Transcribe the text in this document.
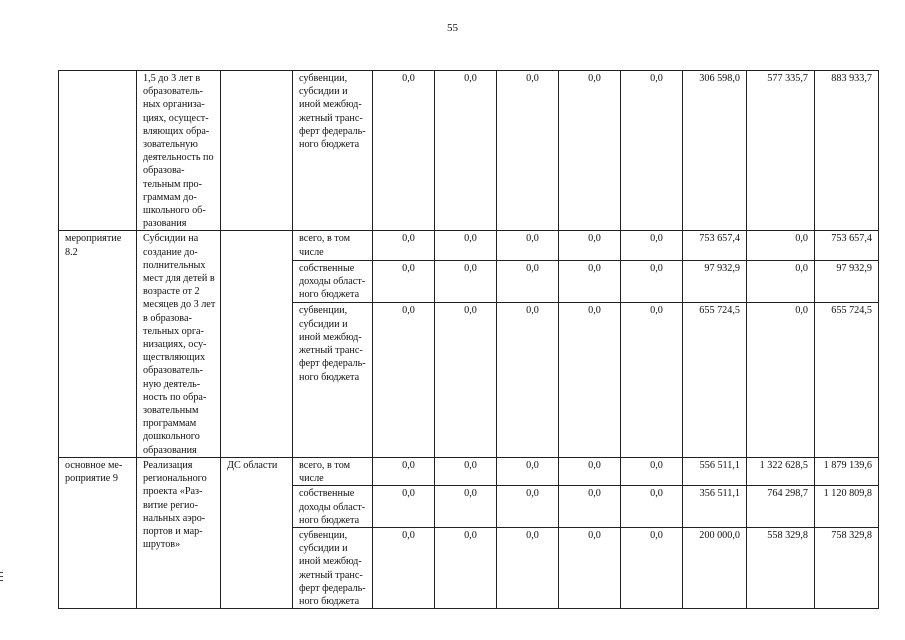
55
	1,5 до 3 лет в образователь-ных организа-циях, осущест-вляющих обра-зовательную деятельность по образова-тельным про-граммам до-школьного об-разования		субвенции, субсидии и иной межбюд-жетный транс-ферт федераль-ного бюджета	0,0	0,0	0,0	0,0	0,0	306 598,0	577 335,7	883 933,7
мероприятие 8.2	Субсидии на создание до-полнительных мест для детей в возрасте от 2 месяцев до 3 лет в образова-тельных орга-низациях, осу-ществляющих образователь-ную деятель-ность по обра-зовательным программам дошкольного образования		всего, в том числе	0,0	0,0	0,0	0,0	0,0	753 657,4	0,0	753 657,4
			собственные доходы област-ного бюджета	0,0	0,0	0,0	0,0	0,0	97 932,9	0,0	97 932,9
			субвенции, субсидии и иной межбюд-жетный транс-ферт федераль-ного бюджета	0,0	0,0	0,0	0,0	0,0	655 724,5	0,0	655 724,5
основное ме-роприятие 9	Реализация регионального проекта «Раз-витие регио-нальных аэро-портов и мар-шрутов»	ДС области	всего, в том числе	0,0	0,0	0,0	0,0	0,0	556 511,1	1 322 628,5	1 879 139,6
			собственные доходы област-ного бюджета	0,0	0,0	0,0	0,0	0,0	356 511,1	764 298,7	1 120 809,8
			субвенции, субсидии и иной межбюд-жетный транс-ферт федераль-ного бюджета	0,0	0,0	0,0	0,0	0,0	200 000,0	558 329,8	758 329,8
